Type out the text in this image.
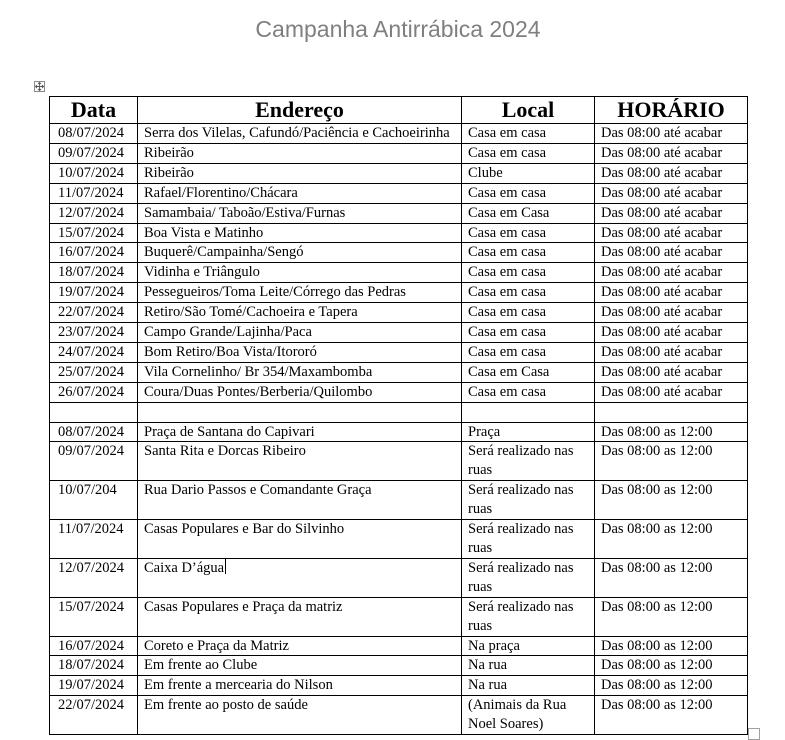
Campanha Antirrábica 2024
Data	Endereço	Local	HORÁRIO
08/07/2024	Serra dos Vilelas, Cafundó/Paciência e Cachoeirinha	Casa em casa	Das 08:00 até acabar
09/07/2024	Ribeirão	Casa em casa	Das 08:00 até acabar
10/07/2024	Ribeirão	Clube	Das 08:00 até acabar
11/07/2024	Rafael/Florentino/Chácara	Casa em casa	Das 08:00 até acabar
12/07/2024	Samambaia/ Taboão/Estiva/Furnas	Casa em Casa	Das 08:00 até acabar
15/07/2024	Boa Vista e Matinho	Casa em casa	Das 08:00 até acabar
16/07/2024	Buquerê/Campainha/Sengó	Casa em casa	Das 08:00 até acabar
18/07/2024	Vidinha e Triângulo	Casa em casa	Das 08:00 até acabar
19/07/2024	Pessegueiros/Toma Leite/Córrego das Pedras	Casa em casa	Das 08:00 até acabar
22/07/2024	Retiro/São Tomé/Cachoeira e Tapera	Casa em casa	Das 08:00 até acabar
23/07/2024	Campo Grande/Lajinha/Paca	Casa em casa	Das 08:00 até acabar
24/07/2024	Bom Retiro/Boa Vista/Itororó	Casa em casa	Das 08:00 até acabar
25/07/2024	Vila Cornelinho/ Br 354/Maxambomba	Casa em Casa	Das 08:00 até acabar
26/07/2024	Coura/Duas Pontes/Berberia/Quilombo	Casa em casa	Das 08:00 até acabar

08/07/2024	Praça de Santana do Capivari	Praça	Das 08:00 as 12:00
09/07/2024	Santa Rita e Dorcas Ribeiro	Será realizado nas ruas	Das 08:00 as 12:00
10/07/204	Rua Dario Passos e Comandante Graça	Será realizado nas ruas	Das 08:00 as 12:00
11/07/2024	Casas Populares e Bar do Silvinho	Será realizado nas ruas	Das 08:00 as 12:00
12/07/2024	Caixa D’água	Será realizado nas ruas	Das 08:00 as 12:00
15/07/2024	Casas Populares e Praça da matriz	Será realizado nas ruas	Das 08:00 as 12:00
16/07/2024	Coreto e Praça da Matriz	Na praça	Das 08:00 as 12:00
18/07/2024	Em frente ao Clube	Na rua	Das 08:00 as 12:00
19/07/2024	Em frente a mercearia do Nilson	Na rua	Das 08:00 as 12:00
22/07/2024	Em frente ao posto de saúde	(Animais da Rua Noel Soares)	Das 08:00 as 12:00
